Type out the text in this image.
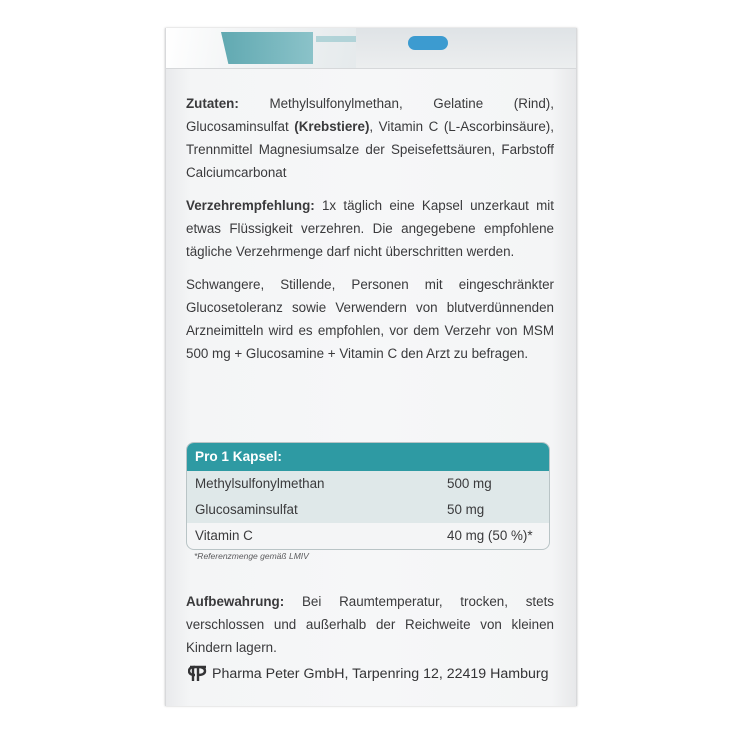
Zutaten: Methylsulfonylmethan, Gelatine (Rind), Glucosaminsulfat (Krebstiere), Vitamin C (L-Ascorbinsäure), Trennmittel Magnesiumsalze der Speisefettsäuren, Farbstoff Calciumcarbonat

Verzehrempfehlung: 1x täglich eine Kapsel unzerkaut mit etwas Flüssigkeit verzehren. Die angegebene empfohlene tägliche Verzehrmenge darf nicht überschritten werden.

Schwangere, Stillende, Personen mit eingeschränkter Glucosetoleranz sowie Verwendern von blutverdünnenden Arzneimitteln wird es empfohlen, vor dem Verzehr von MSM 500 mg + Glucosamine + Vitamin C den Arzt zu befragen.

Pro 1 Kapsel:
Methylsulfonylmethan	500 mg
Glucosaminsulfat	50 mg
Vitamin C	40 mg (50 %)*
*Referenzmenge gemäß LMIV

Aufbewahrung: Bei Raumtemperatur, trocken, stets verschlossen und außerhalb der Reichweite von kleinen Kindern lagern.

Pharma Peter GmbH, Tarpenring 12, 22419 Hamburg
